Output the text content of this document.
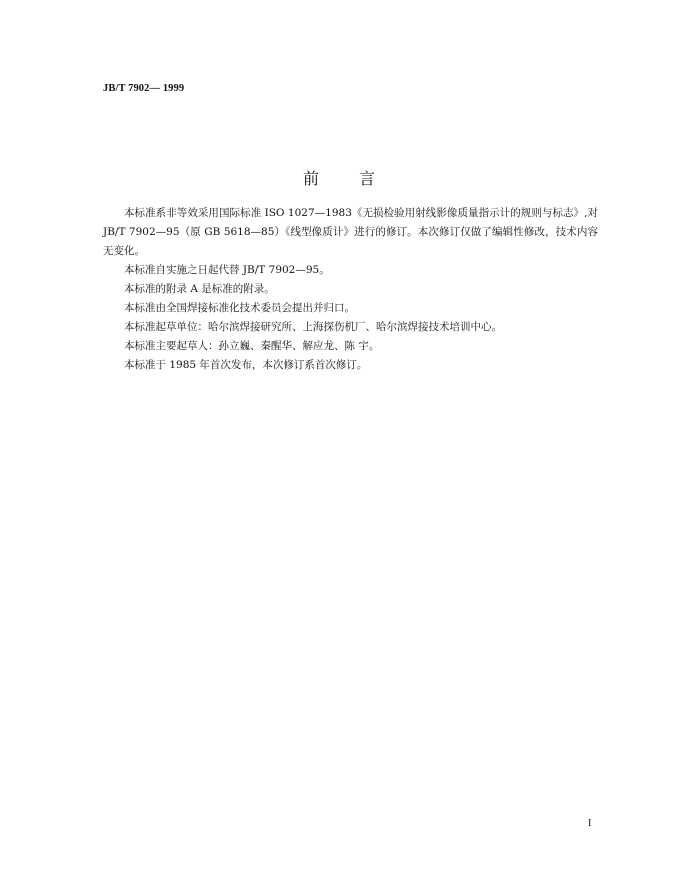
JB/T 7902— 1999
前 言

本标准系非等效采用国际标准 ISO 1027—1983《无损检验用射线影像质量指示计的规则与标志》,对 JB/T 7902—95（原 GB 5618—85）《线型像质计》进行的修订。本次修订仅做了编辑性修改，技术内容无变化。

本标准自实施之日起代替 JB/T 7902—95。

本标准的附录 A 是标准的附录。

本标准由全国焊接标准化技术委员会提出并归口。

本标准起草单位：哈尔滨焊接研究所、上海探伤机厂、哈尔滨焊接技术培训中心。

本标准主要起草人：孙立巍、秦醒华、解应龙、陈 宇。

本标准于 1985 年首次发布，本次修订系首次修订。

I
